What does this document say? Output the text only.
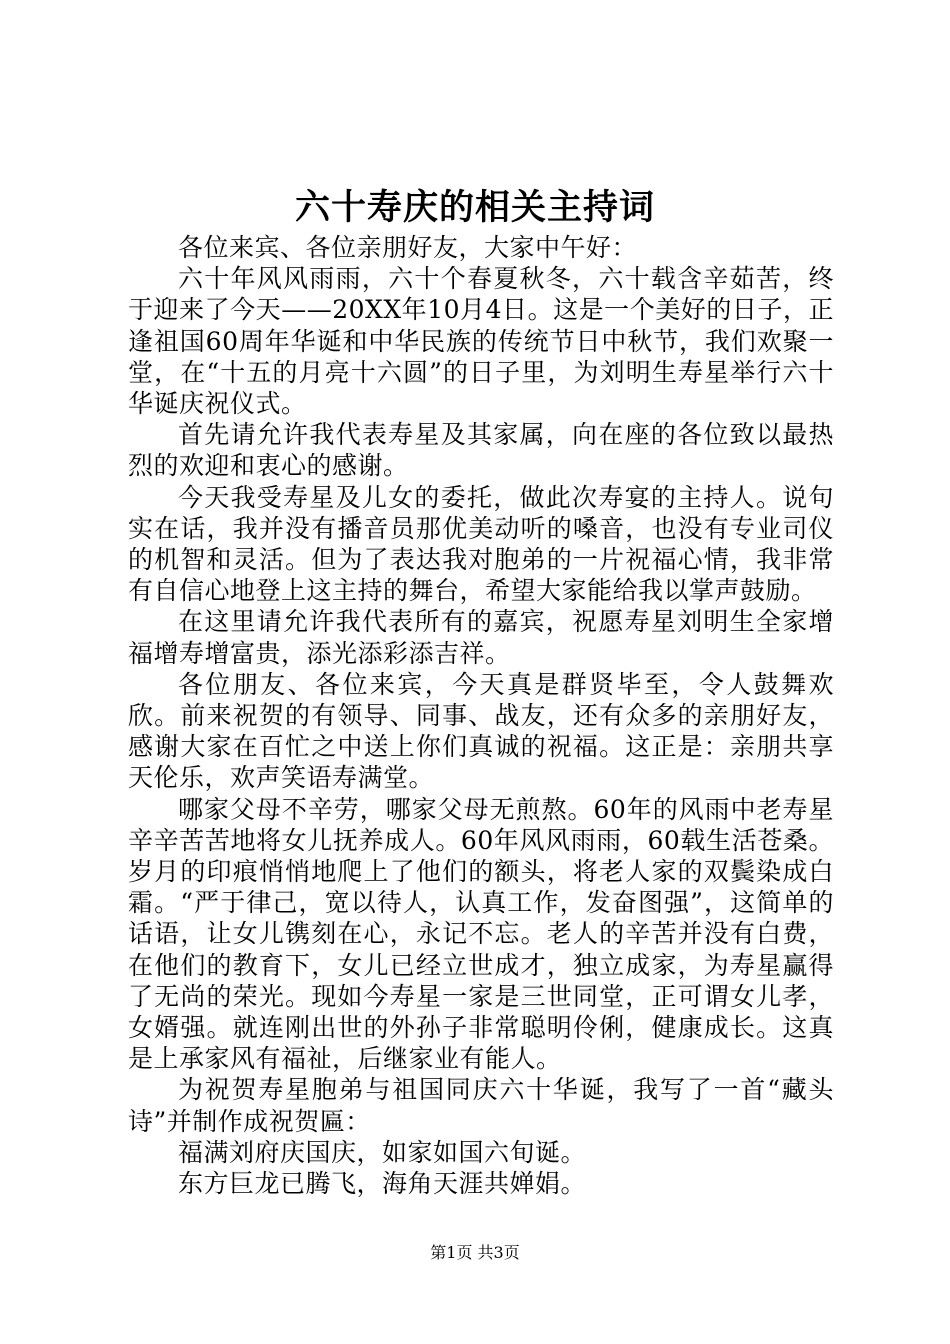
六十寿庆的相关主持词

各位来宾、各位亲朋好友，大家中午好：

六十年风风雨雨，六十个春夏秋冬，六十载含辛茹苦，终于迎来了今天——20XX年10月4日。这是一个美好的日子，正逢祖国60周年华诞和中华民族的传统节日中秋节，我们欢聚一堂，在“十五的月亮十六圆”的日子里，为刘明生寿星举行六十华诞庆祝仪式。

首先请允许我代表寿星及其家属，向在座的各位致以最热烈的欢迎和衷心的感谢。

今天我受寿星及儿女的委托，做此次寿宴的主持人。说句实在话，我并没有播音员那优美动听的嗓音，也没有专业司仪的机智和灵活。但为了表达我对胞弟的一片祝福心情，我非常有自信心地登上这主持的舞台，希望大家能给我以掌声鼓励。

在这里请允许我代表所有的嘉宾，祝愿寿星刘明生全家增福增寿增富贵，添光添彩添吉祥。

各位朋友、各位来宾，今天真是群贤毕至，令人鼓舞欢欣。前来祝贺的有领导、同事、战友，还有众多的亲朋好友，感谢大家在百忙之中送上你们真诚的祝福。这正是：亲朋共享天伦乐，欢声笑语寿满堂。

哪家父母不辛劳，哪家父母无煎熬。60年的风雨中老寿星辛辛苦苦地将女儿抚养成人。60年风风雨雨，60载生活苍桑。岁月的印痕悄悄地爬上了他们的额头，将老人家的双鬓染成白霜。“严于律己，宽以待人，认真工作，发奋图强”，这简单的话语，让女儿镌刻在心，永记不忘。老人的辛苦并没有白费，在他们的教育下，女儿已经立世成才，独立成家，为寿星赢得了无尚的荣光。现如今寿星一家是三世同堂，正可谓女儿孝，女婿强。就连刚出世的外孙子非常聪明伶俐，健康成长。这真是上承家风有福祉，后继家业有能人。

为祝贺寿星胞弟与祖国同庆六十华诞，我写了一首“藏头诗”并制作成祝贺匾：

福满刘府庆国庆，如家如国六旬诞。

东方巨龙已腾飞，海角天涯共婵娟。

第1页 共3页
